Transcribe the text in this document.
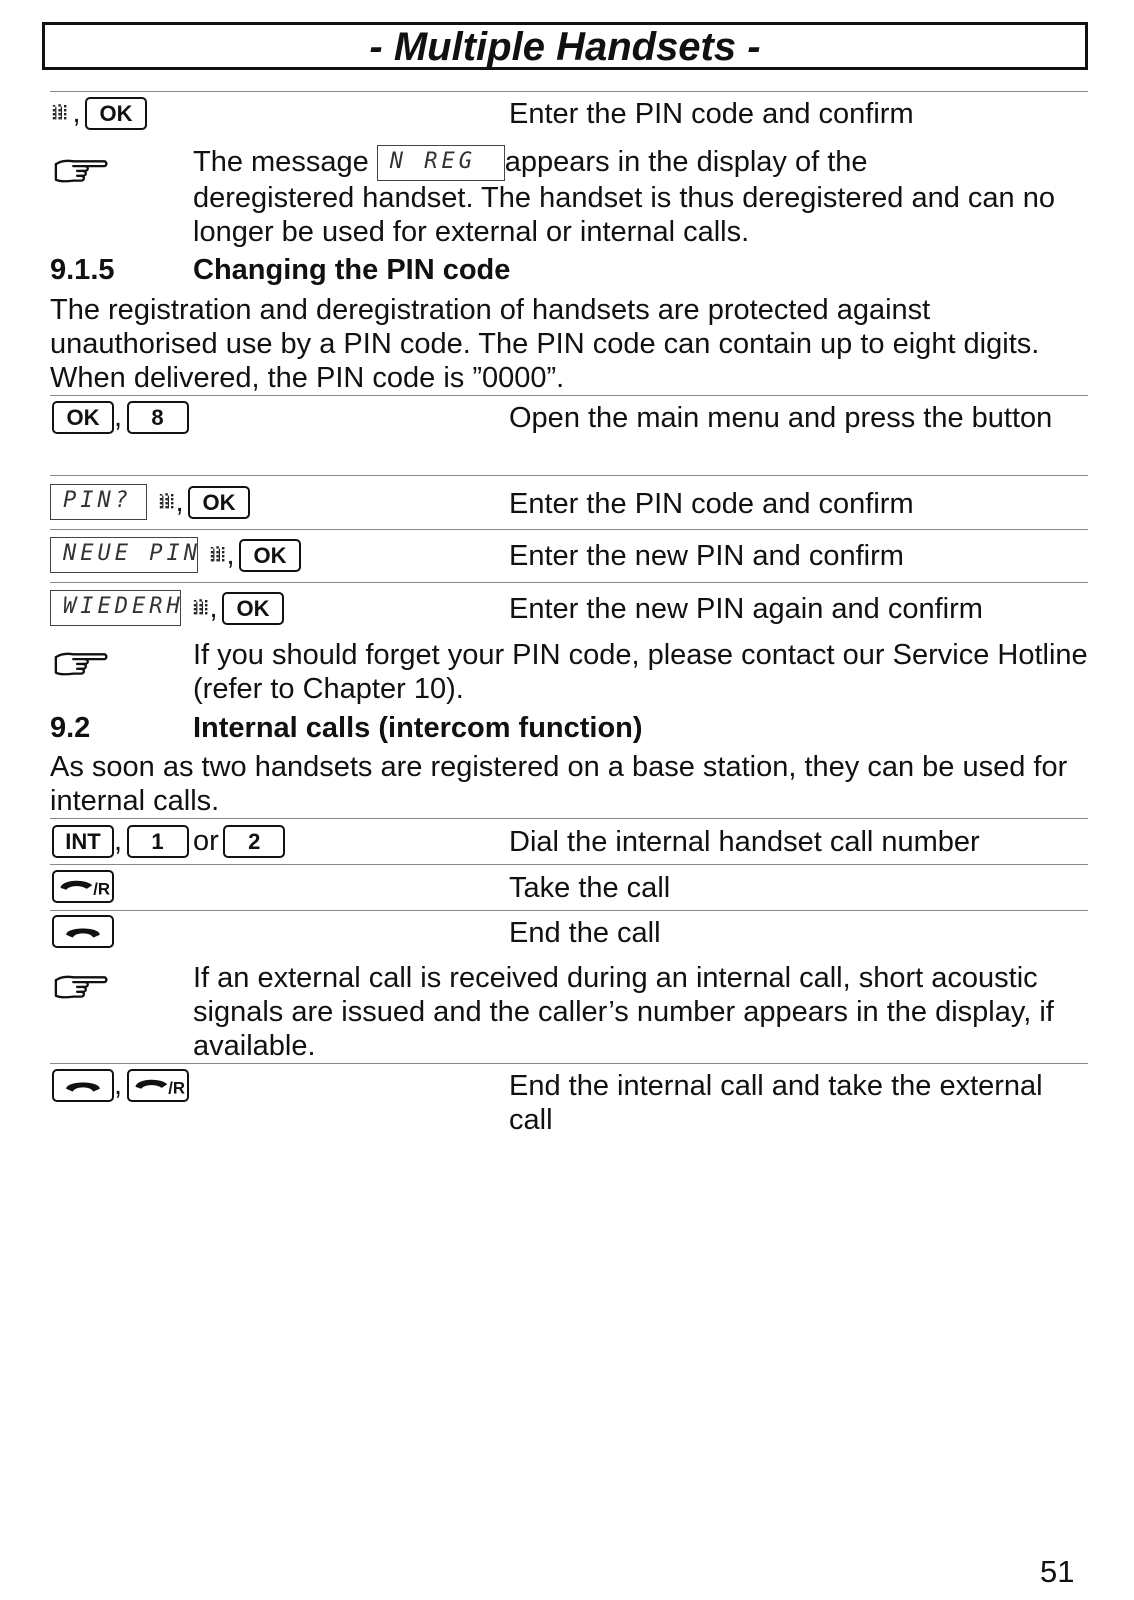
- Multiple Handsets -
, OK	Enter the PIN code and confirm
The message N REG appears in the display of the
deregistered handset. The handset is thus deregistered and can no longer be used for external or internal calls.
9.1.5	Changing the PIN code
The registration and deregistration of handsets are protected against unauthorised use by a PIN code. The PIN code can contain up to eight digits. When delivered, the PIN code is ”0000”.
OK , 8	Open the main menu and press the button
PIN? , OK	Enter the PIN code and confirm
NEUE PIN , OK	Enter the new PIN and confirm
WIEDERH , OK	Enter the new PIN again and confirm
If you should forget your PIN code, please contact our Service Hotline (refer to Chapter 10).
9.2	Internal calls (intercom function)
As soon as two handsets are registered on a base station, they can be used for internal calls.
INT , 1 or 2	Dial the internal handset call number
Take the call
End the call
If an external call is received during an internal call, short acoustic signals are issued and the caller’s number appears in the display, if available.
,	End the internal call and take the external call
51
